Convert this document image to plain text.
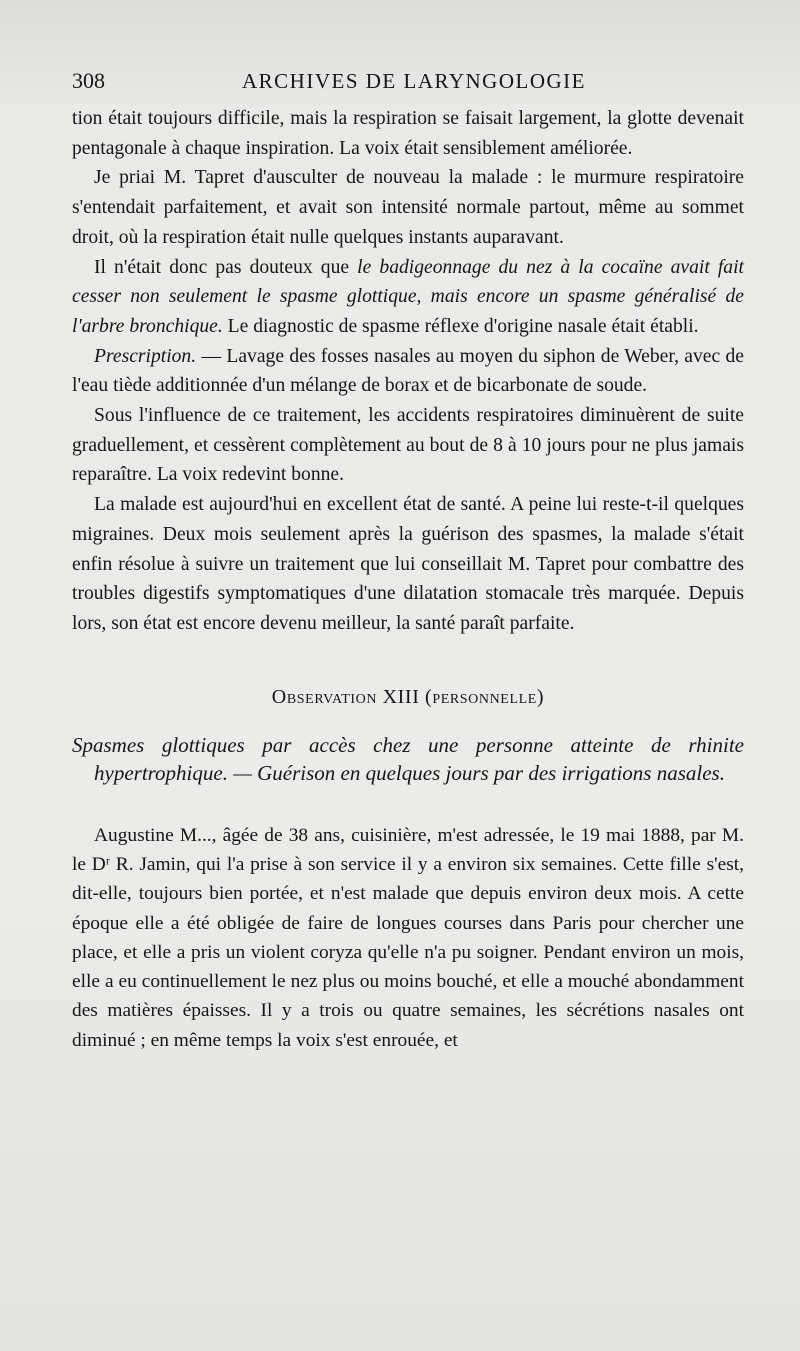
308	ARCHIVES DE LARYNGOLOGIE

tion était toujours difficile, mais la respiration se faisait largement, la glotte devenait pentagonale à chaque inspiration. La voix était sensiblement améliorée.

Je priai M. Tapret d'ausculter de nouveau la malade : le murmure respiratoire s'entendait parfaitement, et avait son intensité normale partout, même au sommet droit, où la respiration était nulle quelques instants auparavant.

Il n'était donc pas douteux que le badigeonnage du nez à la cocaïne avait fait cesser non seulement le spasme glottique, mais encore un spasme généralisé de l'arbre bronchique. Le diagnostic de spasme réflexe d'origine nasale était établi.

Prescription. — Lavage des fosses nasales au moyen du siphon de Weber, avec de l'eau tiède additionnée d'un mélange de borax et de bicarbonate de soude.

Sous l'influence de ce traitement, les accidents respiratoires diminuèrent de suite graduellement, et cessèrent complètement au bout de 8 à 10 jours pour ne plus jamais reparaître. La voix redevint bonne.

La malade est aujourd'hui en excellent état de santé. A peine lui reste-t-il quelques migraines. Deux mois seulement après la guérison des spasmes, la malade s'était enfin résolue à suivre un traitement que lui conseillait M. Tapret pour combattre des troubles digestifs symptomatiques d'une dilatation stomacale très marquée. Depuis lors, son état est encore devenu meilleur, la santé paraît parfaite.

Observation XIII (personnelle)
Spasmes glottiques par accès chez une personne atteinte de rhinite hypertrophique. — Guérison en quelques jours par des irrigations nasales.

Augustine M..., âgée de 38 ans, cuisinière, m'est adressée, le 19 mai 1888, par M. le Dʳ R. Jamin, qui l'a prise à son service il y a environ six semaines. Cette fille s'est, dit-elle, toujours bien portée, et n'est malade que depuis environ deux mois. A cette époque elle a été obligée de faire de longues courses dans Paris pour chercher une place, et elle a pris un violent coryza qu'elle n'a pu soigner. Pendant environ un mois, elle a eu continuellement le nez plus ou moins bouché, et elle a mouché abondamment des matières épaisses. Il y a trois ou quatre semaines, les sécrétions nasales ont diminué ; en même temps la voix s'est enrouée, et
